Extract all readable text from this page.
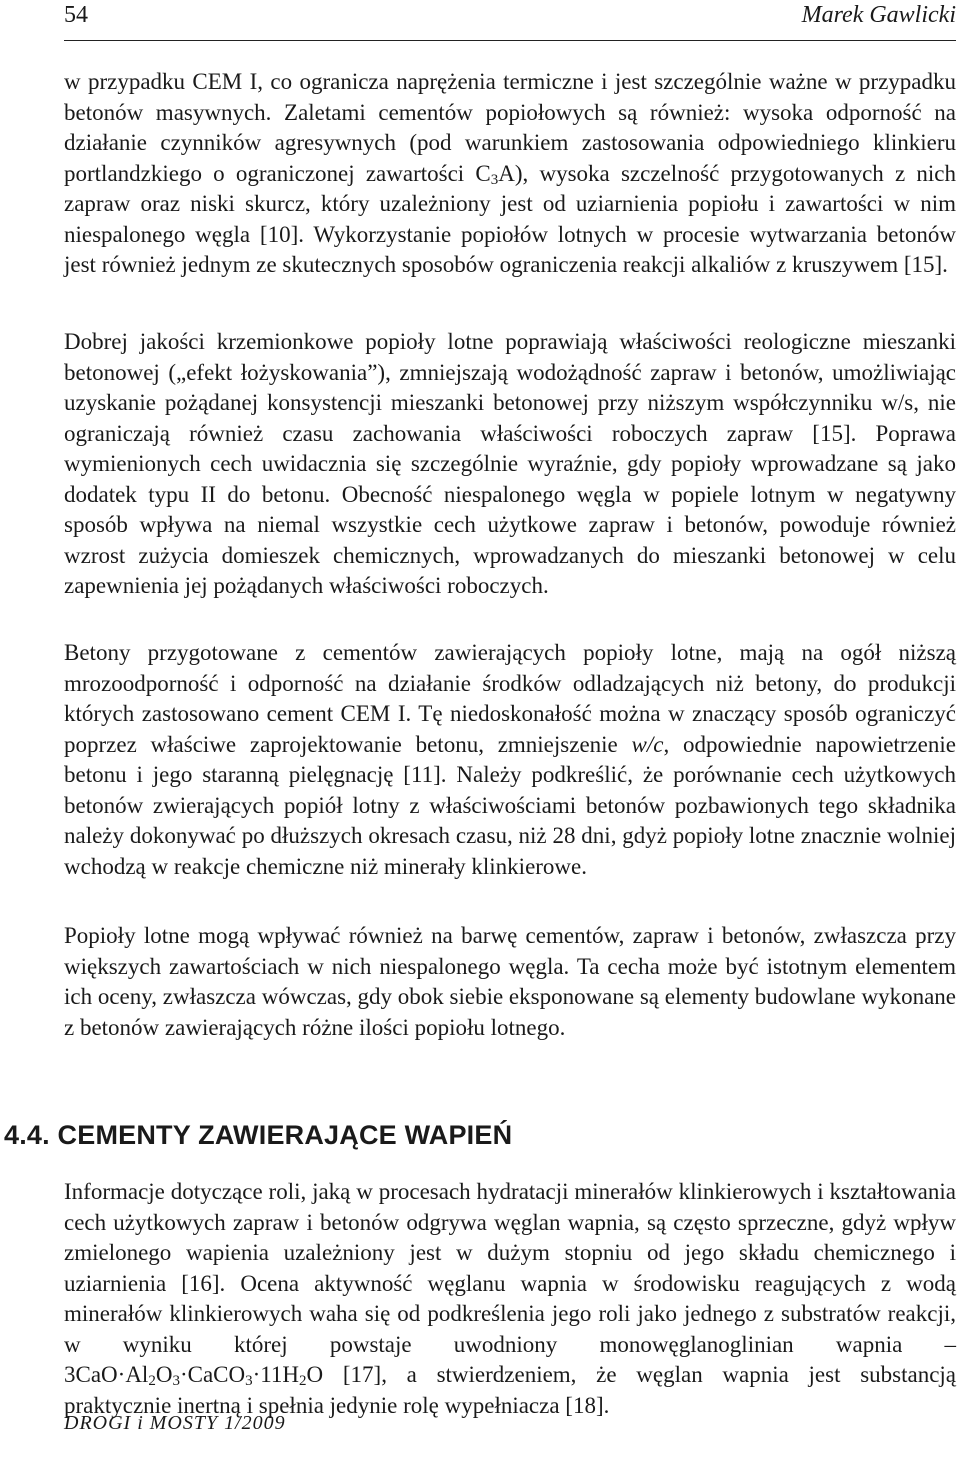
54	Marek Gawlicki

w przypadku CEM I, co ogranicza naprężenia termiczne i jest szczególnie ważne w przypadku betonów masywnych. Zaletami cementów popiołowych są również: wysoka odporność na działanie czynników agresywnych (pod warunkiem zastosowania odpowiedniego klinkieru portlandzkiego o ograniczonej zawartości $C_3A$), wysoka szczelność przygotowanych z nich zapraw oraz niski skurcz, który uzależniony jest od uziarnienia popiołu i zawartości w nim niespalonego węgla [10]. Wykorzystanie popiołów lotnych w procesie wytwarzania betonów jest również jednym ze skutecznych sposobów ograniczenia reakcji alkaliów z kruszywem [15].

Dobrej jakości krzemionkowe popioły lotne poprawiają właściwości reologiczne mieszanki betonowej („efekt łożyskowania”), zmniejszają wodożądność zapraw i betonów, umożliwiając uzyskanie pożądanej konsystencji mieszanki betonowej przy niższym współczynniku w/s, nie ograniczają również czasu zachowania właściwości roboczych zapraw [15]. Poprawa wymienionych cech uwidacznia się szczególnie wyraźnie, gdy popioły wprowadzane są jako dodatek typu II do betonu. Obecność niespalonego węgla w popiele lotnym w negatywny sposób wpływa na niemal wszystkie cech użytkowe zapraw i betonów, powoduje również wzrost zużycia domieszek chemicznych, wprowadzanych do mieszanki betonowej w celu zapewnienia jej pożądanych właściwości roboczych.

Betony przygotowane z cementów zawierających popioły lotne, mają na ogół niższą mrozoodporność i odporność na działanie środków odladzających niż betony, do produkcji których zastosowano cement CEM I. Tę niedoskonałość można w znaczący sposób ograniczyć poprzez właściwe zaprojektowanie betonu, zmniejszenie w/c, odpowiednie napowietrzenie betonu i jego staranną pielęgnację [11]. Należy podkreślić, że porównanie cech użytkowych betonów zwierających popiół lotny z właściwościami betonów pozbawionych tego składnika należy dokonywać po dłuższych okresach czasu, niż 28 dni, gdyż popioły lotne znacznie wolniej wchodzą w reakcje chemiczne niż minerały klinkierowe.

Popioły lotne mogą wpływać również na barwę cementów, zapraw i betonów, zwłaszcza przy większych zawartościach w nich niespalonego węgla. Ta cecha może być istotnym elementem ich oceny, zwłaszcza wówczas, gdy obok siebie eksponowane są elementy budowlane wykonane z betonów zawierających różne ilości popiołu lotnego.

4.4. CEMENTY ZAWIERAJĄCE WAPIEŃ

Informacje dotyczące roli, jaką w procesach hydratacji minerałów klinkierowych i kształtowania cech użytkowych zapraw i betonów odgrywa węglan wapnia, są często sprzeczne, gdyż wpływ zmielonego wapienia uzależniony jest w dużym stopniu od jego składu chemicznego i uziarnienia [16]. Ocena aktywność węglanu wapnia w środowisku reagujących z wodą minerałów klinkierowych waha się od podkreślenia jego roli jako jednego z substratów reakcji, w wyniku której powstaje uwodniony monowęglanoglinian wapnia – $3CaO\cdot Al_2O_3\cdot CaCO_3\cdot 11H_2O$ [17], a stwierdzeniem, że węglan wapnia jest substancją praktycznie inertną i spełnia jedynie rolę wypełniacza [18].

DROGI i MOSTY 1/2009
